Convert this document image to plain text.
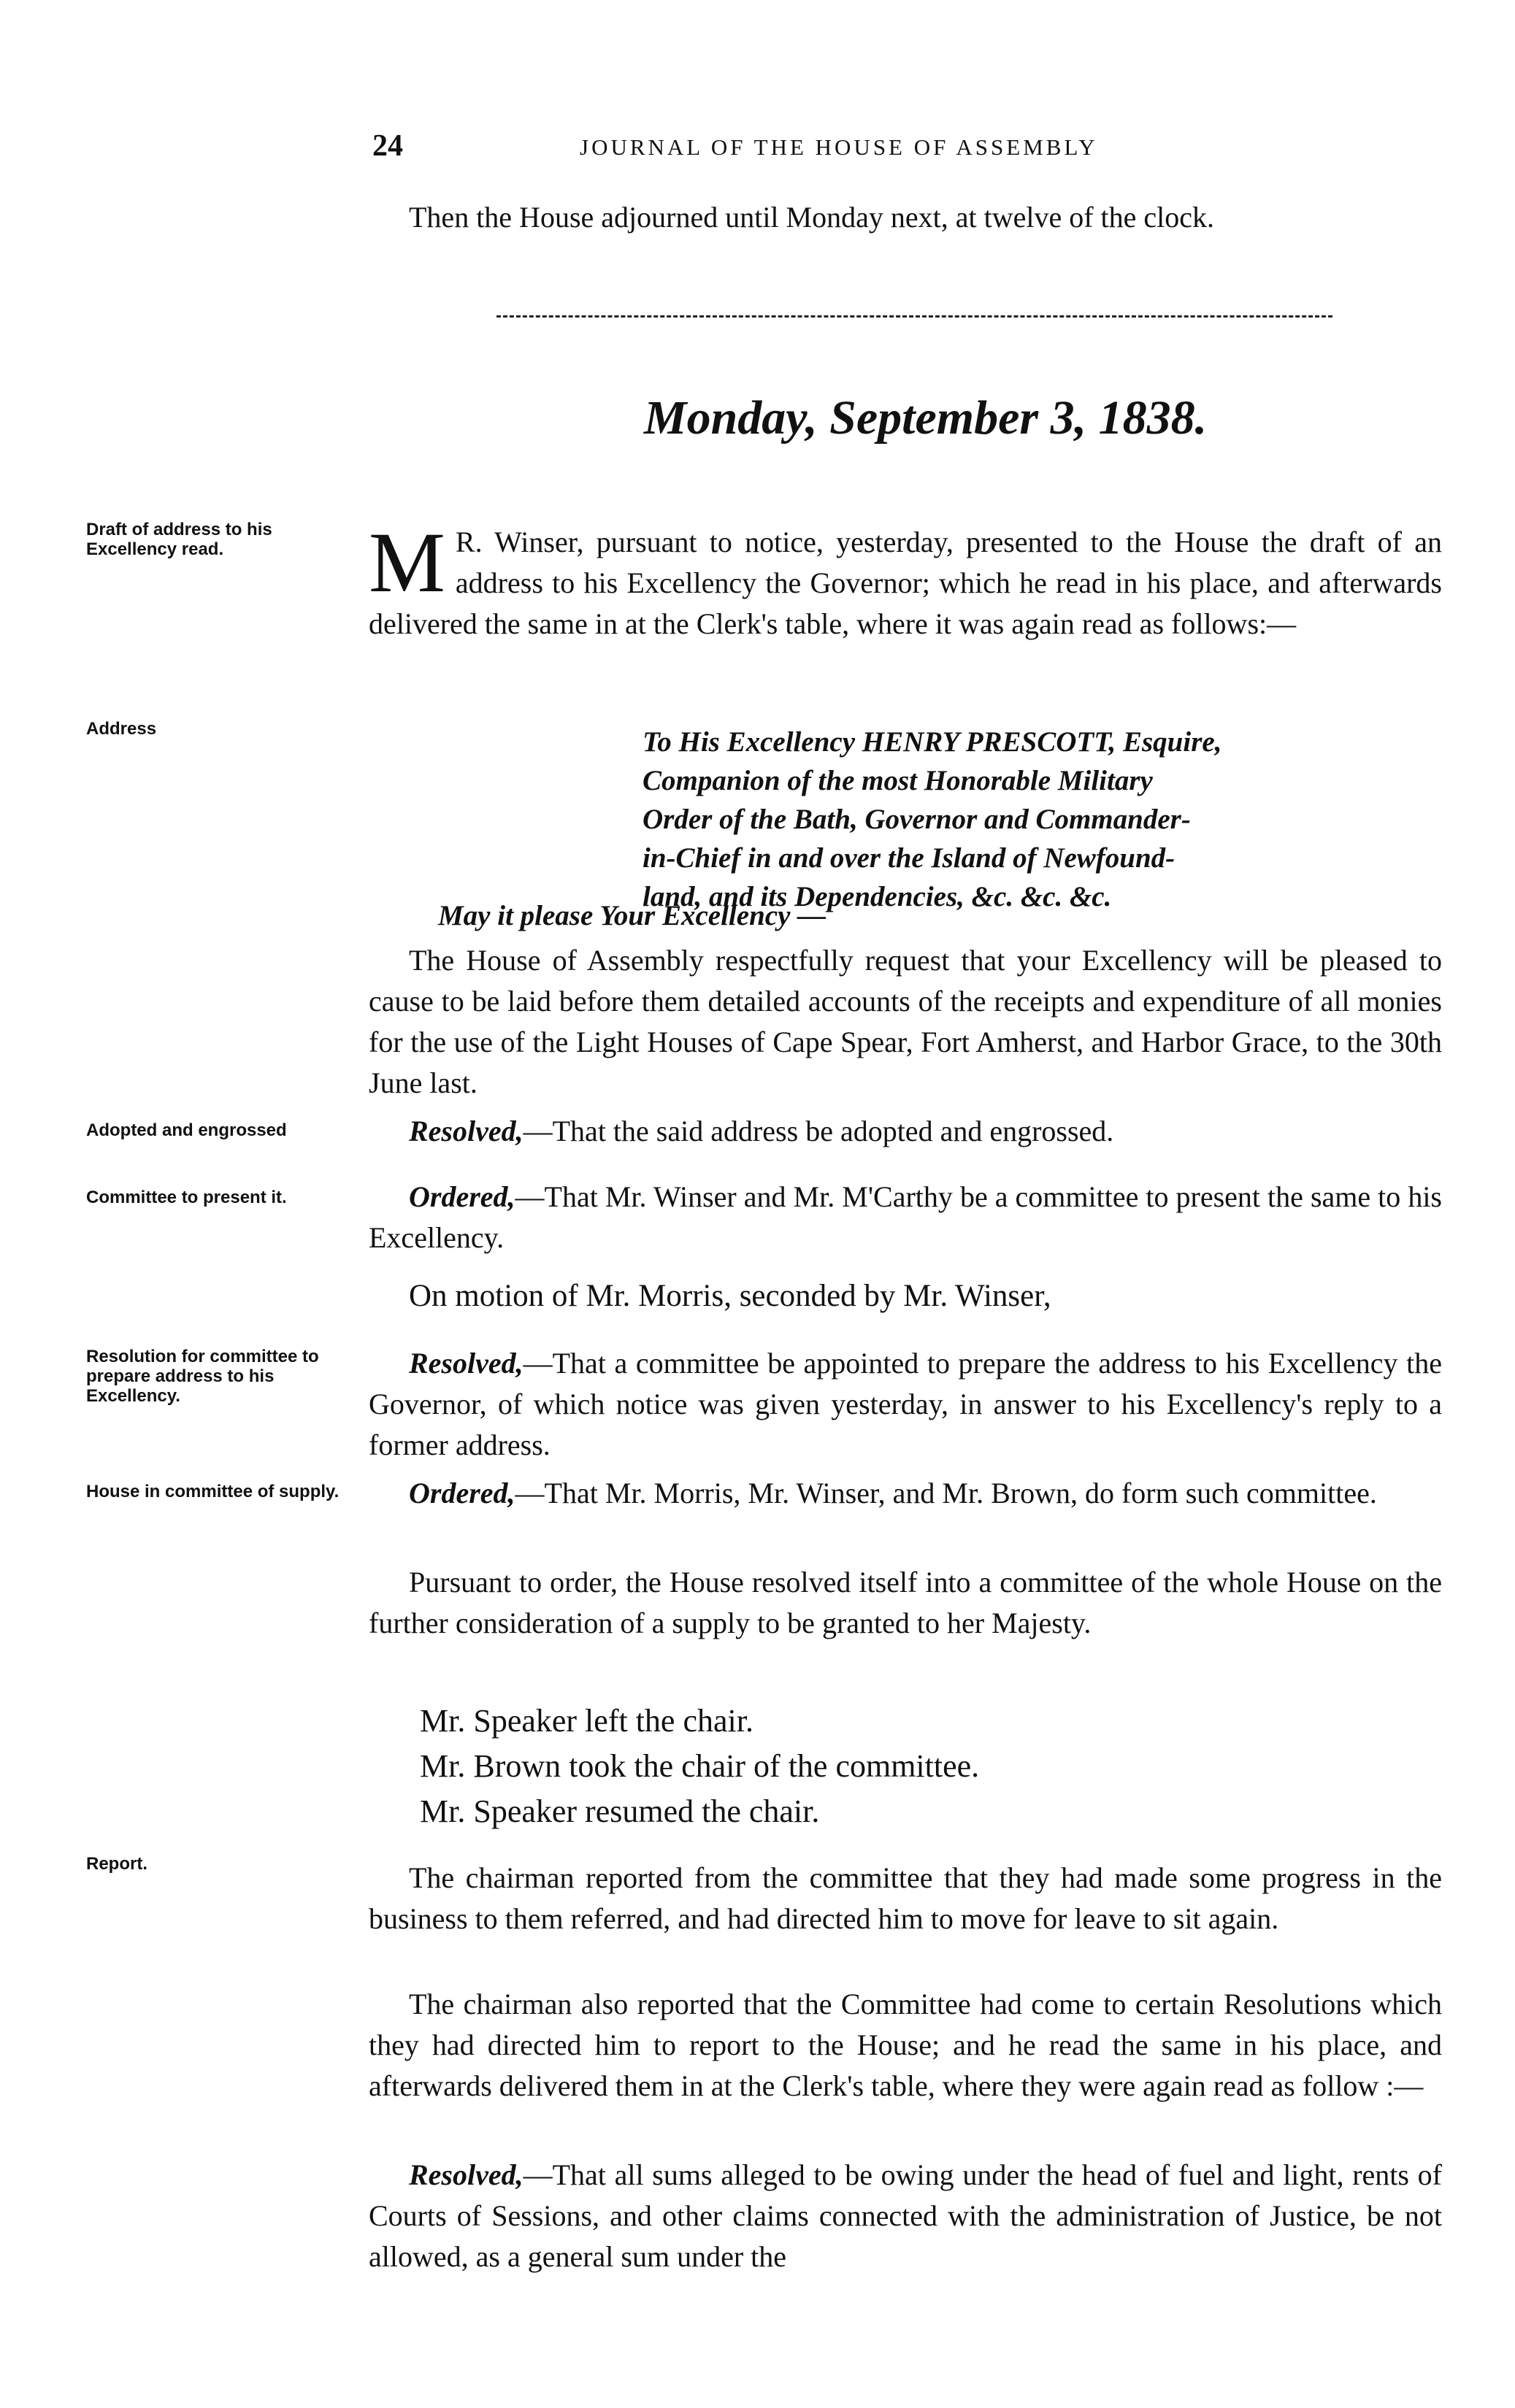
24	JOURNAL OF THE HOUSE OF ASSEMBLY
Then the House adjourned until Monday next, at twelve of the clock.
Monday, September 3, 1838.
Draft of address to his Excellency read.
Address
Adopted and engrossed
Committee to present it.
Resolution for committee to prepare address to his Excellency.
House in committee of supply.
Report.
M R. Winser, pursuant to notice, yesterday, presented to the House the draft of an address to his Excellency the Governor; which he read in his place, and afterwards delivered the same in at the Clerk's table, where it was again read as follows:—
To His Excellency HENRY PRESCOTT, Esquire,
Companion of the most Honorable Military
Order of the Bath, Governor and Commander-
in-Chief in and over the Island of Newfound-
land, and its Dependencies, &c. &c. &c.
May it please Your Excellency —
The House of Assembly respectfully request that your Excellency will be pleased to cause to be laid before them detailed accounts of the receipts and expenditure of all monies for the use of the Light Houses of Cape Spear, Fort Amherst, and Harbor Grace, to the 30th June last.
Resolved,—That the said address be adopted and engrossed.
Ordered,—That Mr. Winser and Mr. M'Carthy be a committee to present the same to his Excellency.
On motion of Mr. Morris, seconded by Mr. Winser,
Resolved,—That a committee be appointed to prepare the address to his Excellency the Governor, of which notice was given yesterday, in answer to his Excellency's reply to a former address.
Ordered,—That Mr. Morris, Mr. Winser, and Mr. Brown, do form such committee.
Pursuant to order, the House resolved itself into a committee of the whole House on the further consideration of a supply to be granted to her Majesty.
Mr. Speaker left the chair.
Mr. Brown took the chair of the committee.
Mr. Speaker resumed the chair.
The chairman reported from the committee that they had made some progress in the business to them referred, and had directed him to move for leave to sit again.
The chairman also reported that the Committee had come to certain Resolutions which they had directed him to report to the House; and he read the same in his place, and afterwards delivered them in at the Clerk's table, where they were again read as follow :—
Resolved,—That all sums alleged to be owing under the head of fuel and light, rents of Courts of Sessions, and other claims connected with the administration of Justice, be not allowed, as a general sum under the
